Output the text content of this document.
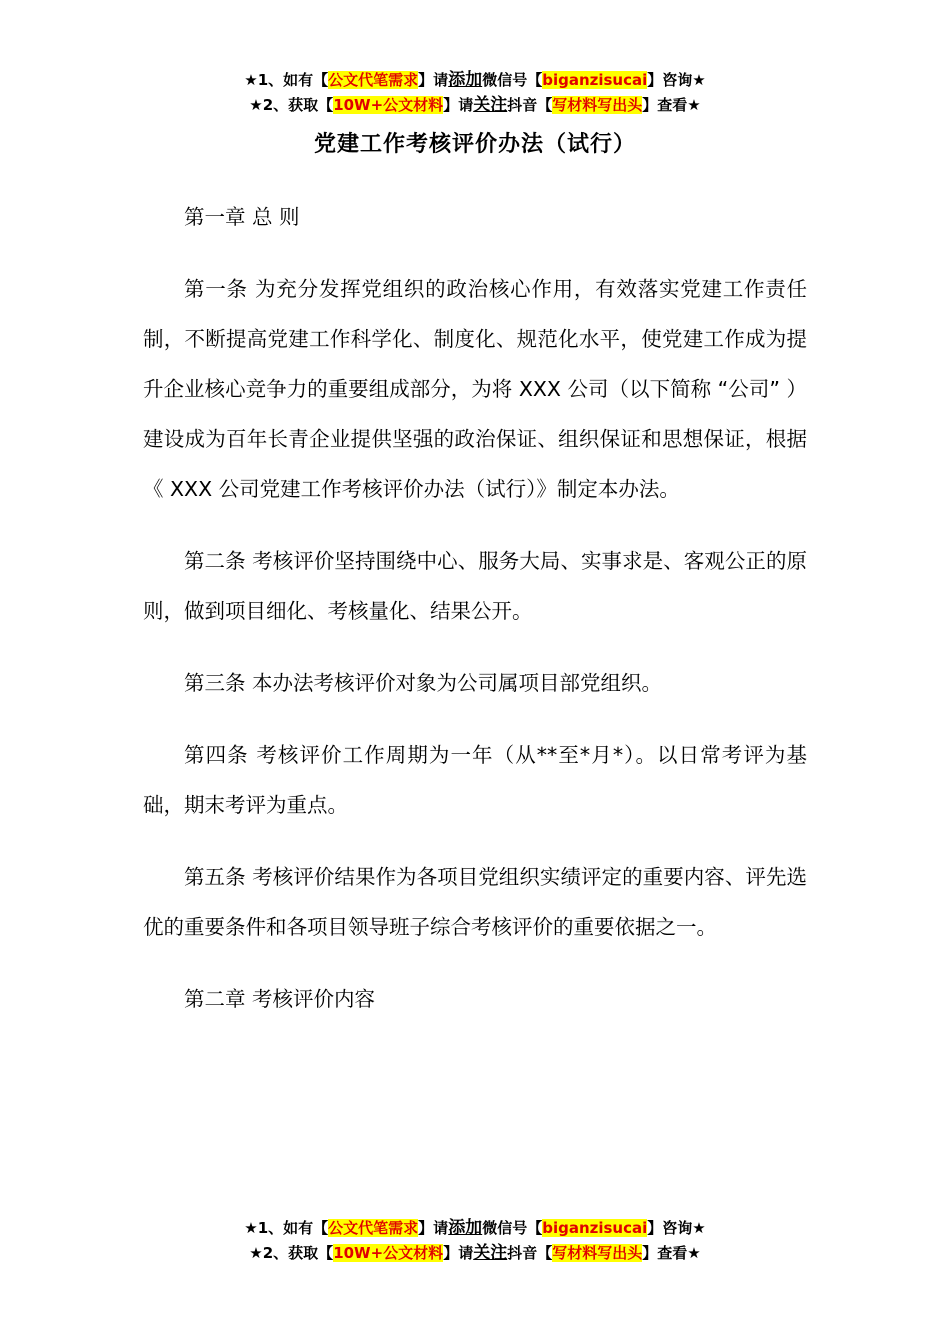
★1、如有【公文代笔需求】请添加微信号【biganzisucai】咨询★
★2、获取【10W+公文材料】请关注抖音【写材料写出头】查看★
党建工作考核评价办法（试行）

第一章 总 则

第一条 为充分发挥党组织的政治核心作用，有效落实党建工作责任制，不断提高党建工作科学化、制度化、规范化水平，使党建工作成为提升企业核心竞争力的重要组成部分，为将 XXX 公司（以下简称 “公司” ）建设成为百年长青企业提供坚强的政治保证、组织保证和思想保证，根据《 XXX 公司党建工作考核评价办法（试行）》制定本办法。

第二条 考核评价坚持围绕中心、服务大局、实事求是、客观公正的原则，做到项目细化、考核量化、结果公开。

第三条 本办法考核评价对象为公司属项目部党组织。

第四条 考核评价工作周期为一年（从**至*月*）。以日常考评为基础，期末考评为重点。

第五条 考核评价结果作为各项目党组织实绩评定的重要内容、评先选优的重要条件和各项目领导班子综合考核评价的重要依据之一。

第二章 考核评价内容

★1、如有【公文代笔需求】请添加微信号【biganzisucai】咨询★
★2、获取【10W+公文材料】请关注抖音【写材料写出头】查看★
